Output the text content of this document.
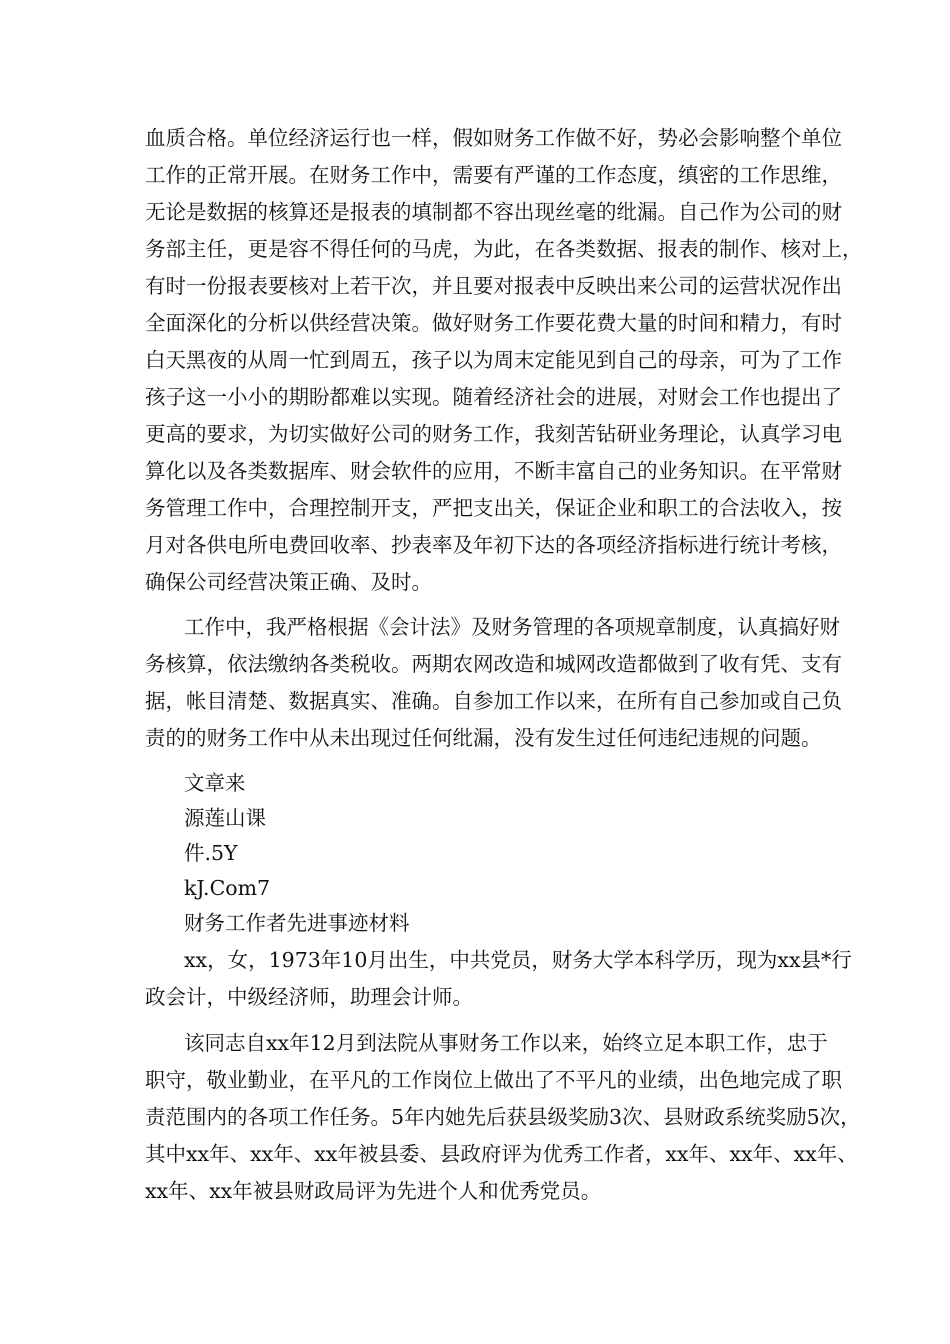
血质合格。单位经济运行也一样，假如财务工作做不好，势必会影响整个单位

工作的正常开展。在财务工作中，需要有严谨的工作态度，缜密的工作思维，

无论是数据的核算还是报表的填制都不容出现丝毫的纰漏。自己作为公司的财

务部主任，更是容不得任何的马虎，为此，在各类数据、报表的制作、核对上，

有时一份报表要核对上若干次，并且要对报表中反映出来公司的运营状况作出

全面深化的分析以供经营决策。做好财务工作要花费大量的时间和精力，有时

白天黑夜的从周一忙到周五，孩子以为周末定能见到自己的母亲，可为了工作

孩子这一小小的期盼都难以实现。随着经济社会的进展，对财会工作也提出了

更高的要求，为切实做好公司的财务工作，我刻苦钻研业务理论，认真学习电

算化以及各类数据库、财会软件的应用，不断丰富自己的业务知识。在平常财

务管理工作中，合理控制开支，严把支出关，保证企业和职工的合法收入，按

月对各供电所电费回收率、抄表率及年初下达的各项经济指标进行统计考核，

确保公司经营决策正确、及时。

工作中，我严格根据《会计法》及财务管理的各项规章制度，认真搞好财

务核算，依法缴纳各类税收。两期农网改造和城网改造都做到了收有凭、支有

据，帐目清楚、数据真实、准确。自参加工作以来，在所有自己参加或自己负

责的的财务工作中从未出现过任何纰漏，没有发生过任何违纪违规的问题。

文章来

源莲山课

件.5Y

kJ.Com7

财务工作者先进事迹材料

xx，女，1973年10月出生，中共党员，财务大学本科学历，现为xx县*行

政会计，中级经济师，助理会计师。

该同志自xx年12月到法院从事财务工作以来，始终立足本职工作，忠于

职守，敬业勤业，在平凡的工作岗位上做出了不平凡的业绩，出色地完成了职

责范围内的各项工作任务。5年内她先后获县级奖励3次、县财政系统奖励5次，

其中xx年、xx年、xx年被县委、县政府评为优秀工作者，xx年、xx年、xx年、

xx年、xx年被县财政局评为先进个人和优秀党员。
